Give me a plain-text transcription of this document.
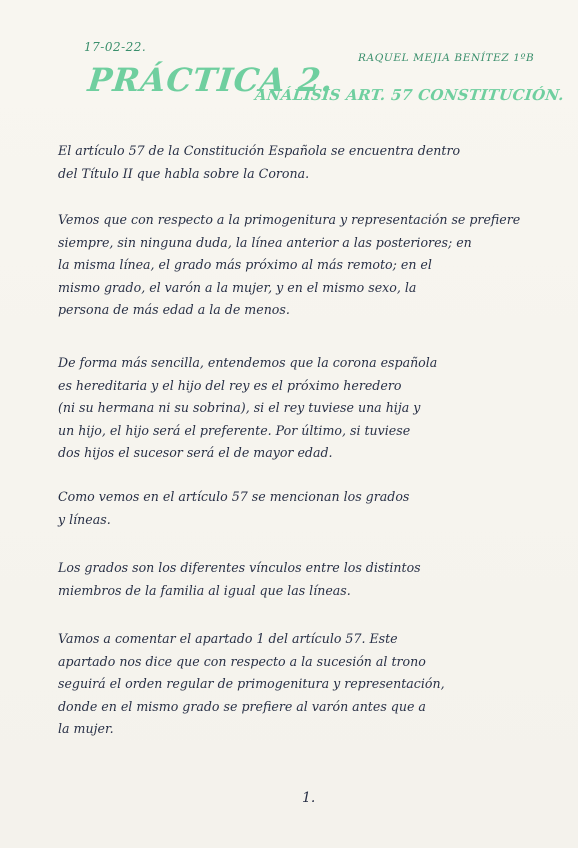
17-02-22.
RAQUEL MEJIA BENÍTEZ 1ºB
PRÁCTICA 2.
ANÁLISIS ART. 57 CONSTITUCIÓN.

El artículo 57 de la Constitución Española se encuentra dentro
del Título II que habla sobre la Corona.

Vemos que con respecto a la primogenitura y representación se prefiere
siempre, sin ninguna duda, la línea anterior a las posteriores; en
la misma línea, el grado más próximo al más remoto; en el
mismo grado, el varón a la mujer, y en el mismo sexo, la
persona de más edad a la de menos.

De forma más sencilla, entendemos que la corona española
es hereditaria y el hijo del rey es el próximo heredero
(ni su hermana ni su sobrina), si el rey tuviese una hija y
un hijo, el hijo será el preferente. Por último, si tuviese
dos hijos el sucesor será el de mayor edad.

Como vemos en el artículo 57 se mencionan los grados
y líneas.

Los grados son los diferentes vínculos entre los distintos
miembros de la familia al igual que las líneas.

Vamos a comentar el apartado 1 del artículo 57. Este
apartado nos dice que con respecto a la sucesión al trono
seguirá el orden regular de primogenitura y representación,
donde en el mismo grado se prefiere al varón antes que a
la mujer.

1.
